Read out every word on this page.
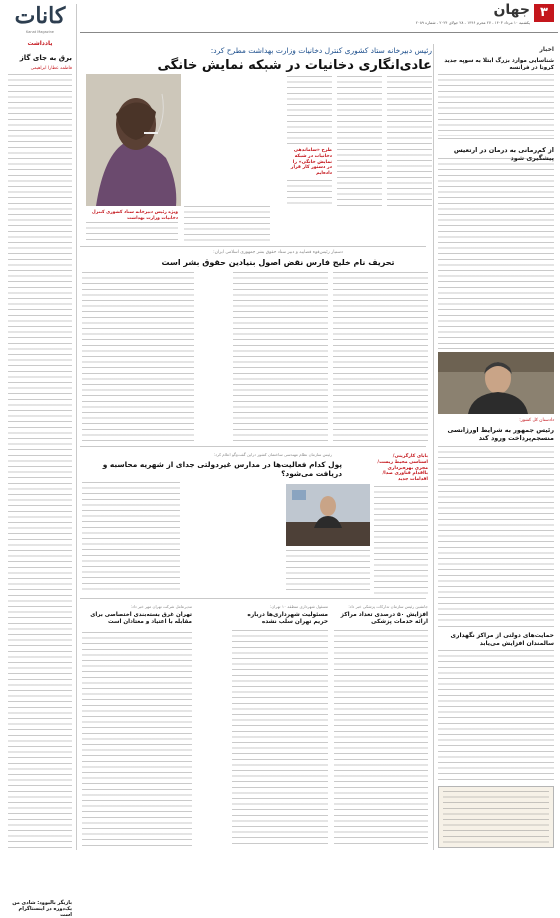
۳
جهان
یکشنبه ۱۰ مرداد ۱۴۰۳ - ۲۷ محرم ۱۴۴۶ - ۲۸ جولای ۲۰۲۴ - شماره ۲۰۸۹
اخبار
کانات
Kanat Magazine
یادداشت
رئیس دبیرخانه ستاد کشوری کنترل دخانیات وزارت بهداشت مطرح کرد:
عادی‌انگاری دخانیات در شبکه نمایش خانگی
طرح «ساماندهی دخانیات در شبکه نمایش خانگی» را در دستور کار قرار داده‌ایم
ویژه رئیس دبیرخانه ستاد کشوری کنترل دخانیات وزارت بهداشت
برق به جای گاز
فاطمه عطارا ابراهیمی
شناسایی موارد بزرگ ابتلا به سوپه جدید کرونا در فرانسه
از کم‌رمانی به درمان در ارتعیس پیشگیری شود
دادستان کل کشور:
رئیس جمهور به شرایط اورژانسی منسجم‌پرداخت ورود کند
حمایت‌های دولتی از مراکز نگهداری سالمندان افزایش می‌یابد
دستیار رئیس‌قوه قضاییه و دبیر ستاد حقوق بشر جمهوری اسلامی ایران:
تحریف نام خلیج فارس نقض اصول بنیادین حقوق بشر است
رئیس سازمان نظام مهندسی ساختمان کشور دراین گفت‌وگو اعلام کرد:
پول کدام فعالیت‌ها در مدارس غیردولتی جدای از شهریه محاسبه و دریافت می‌شود؟
بابای کارگزینی/اسناسی محیط زیست/مجری بهره‌برداری بااقدام فناوری صدا/اقدامات جدید
جانشین رئیس سازمان تدارکات پزشکی خبر داد:
افزایش ۵۰ درصدی تعداد مراکز ارائه خدمات پزشکی
مسئول شهرداری منطقه ۱۰ تهران:
مسئولیت شهرداری‌ها درباره حریم تهران سلب نشده
مدیرعامل شرکت تهران مهر خبر داد:
تهران غرق بسته‌بندی اختصاصی برای مقابله با اعتیاد و معتادان است
بازیگر بالیوود: شادی من یک‌دوره در اینستاگرام است
